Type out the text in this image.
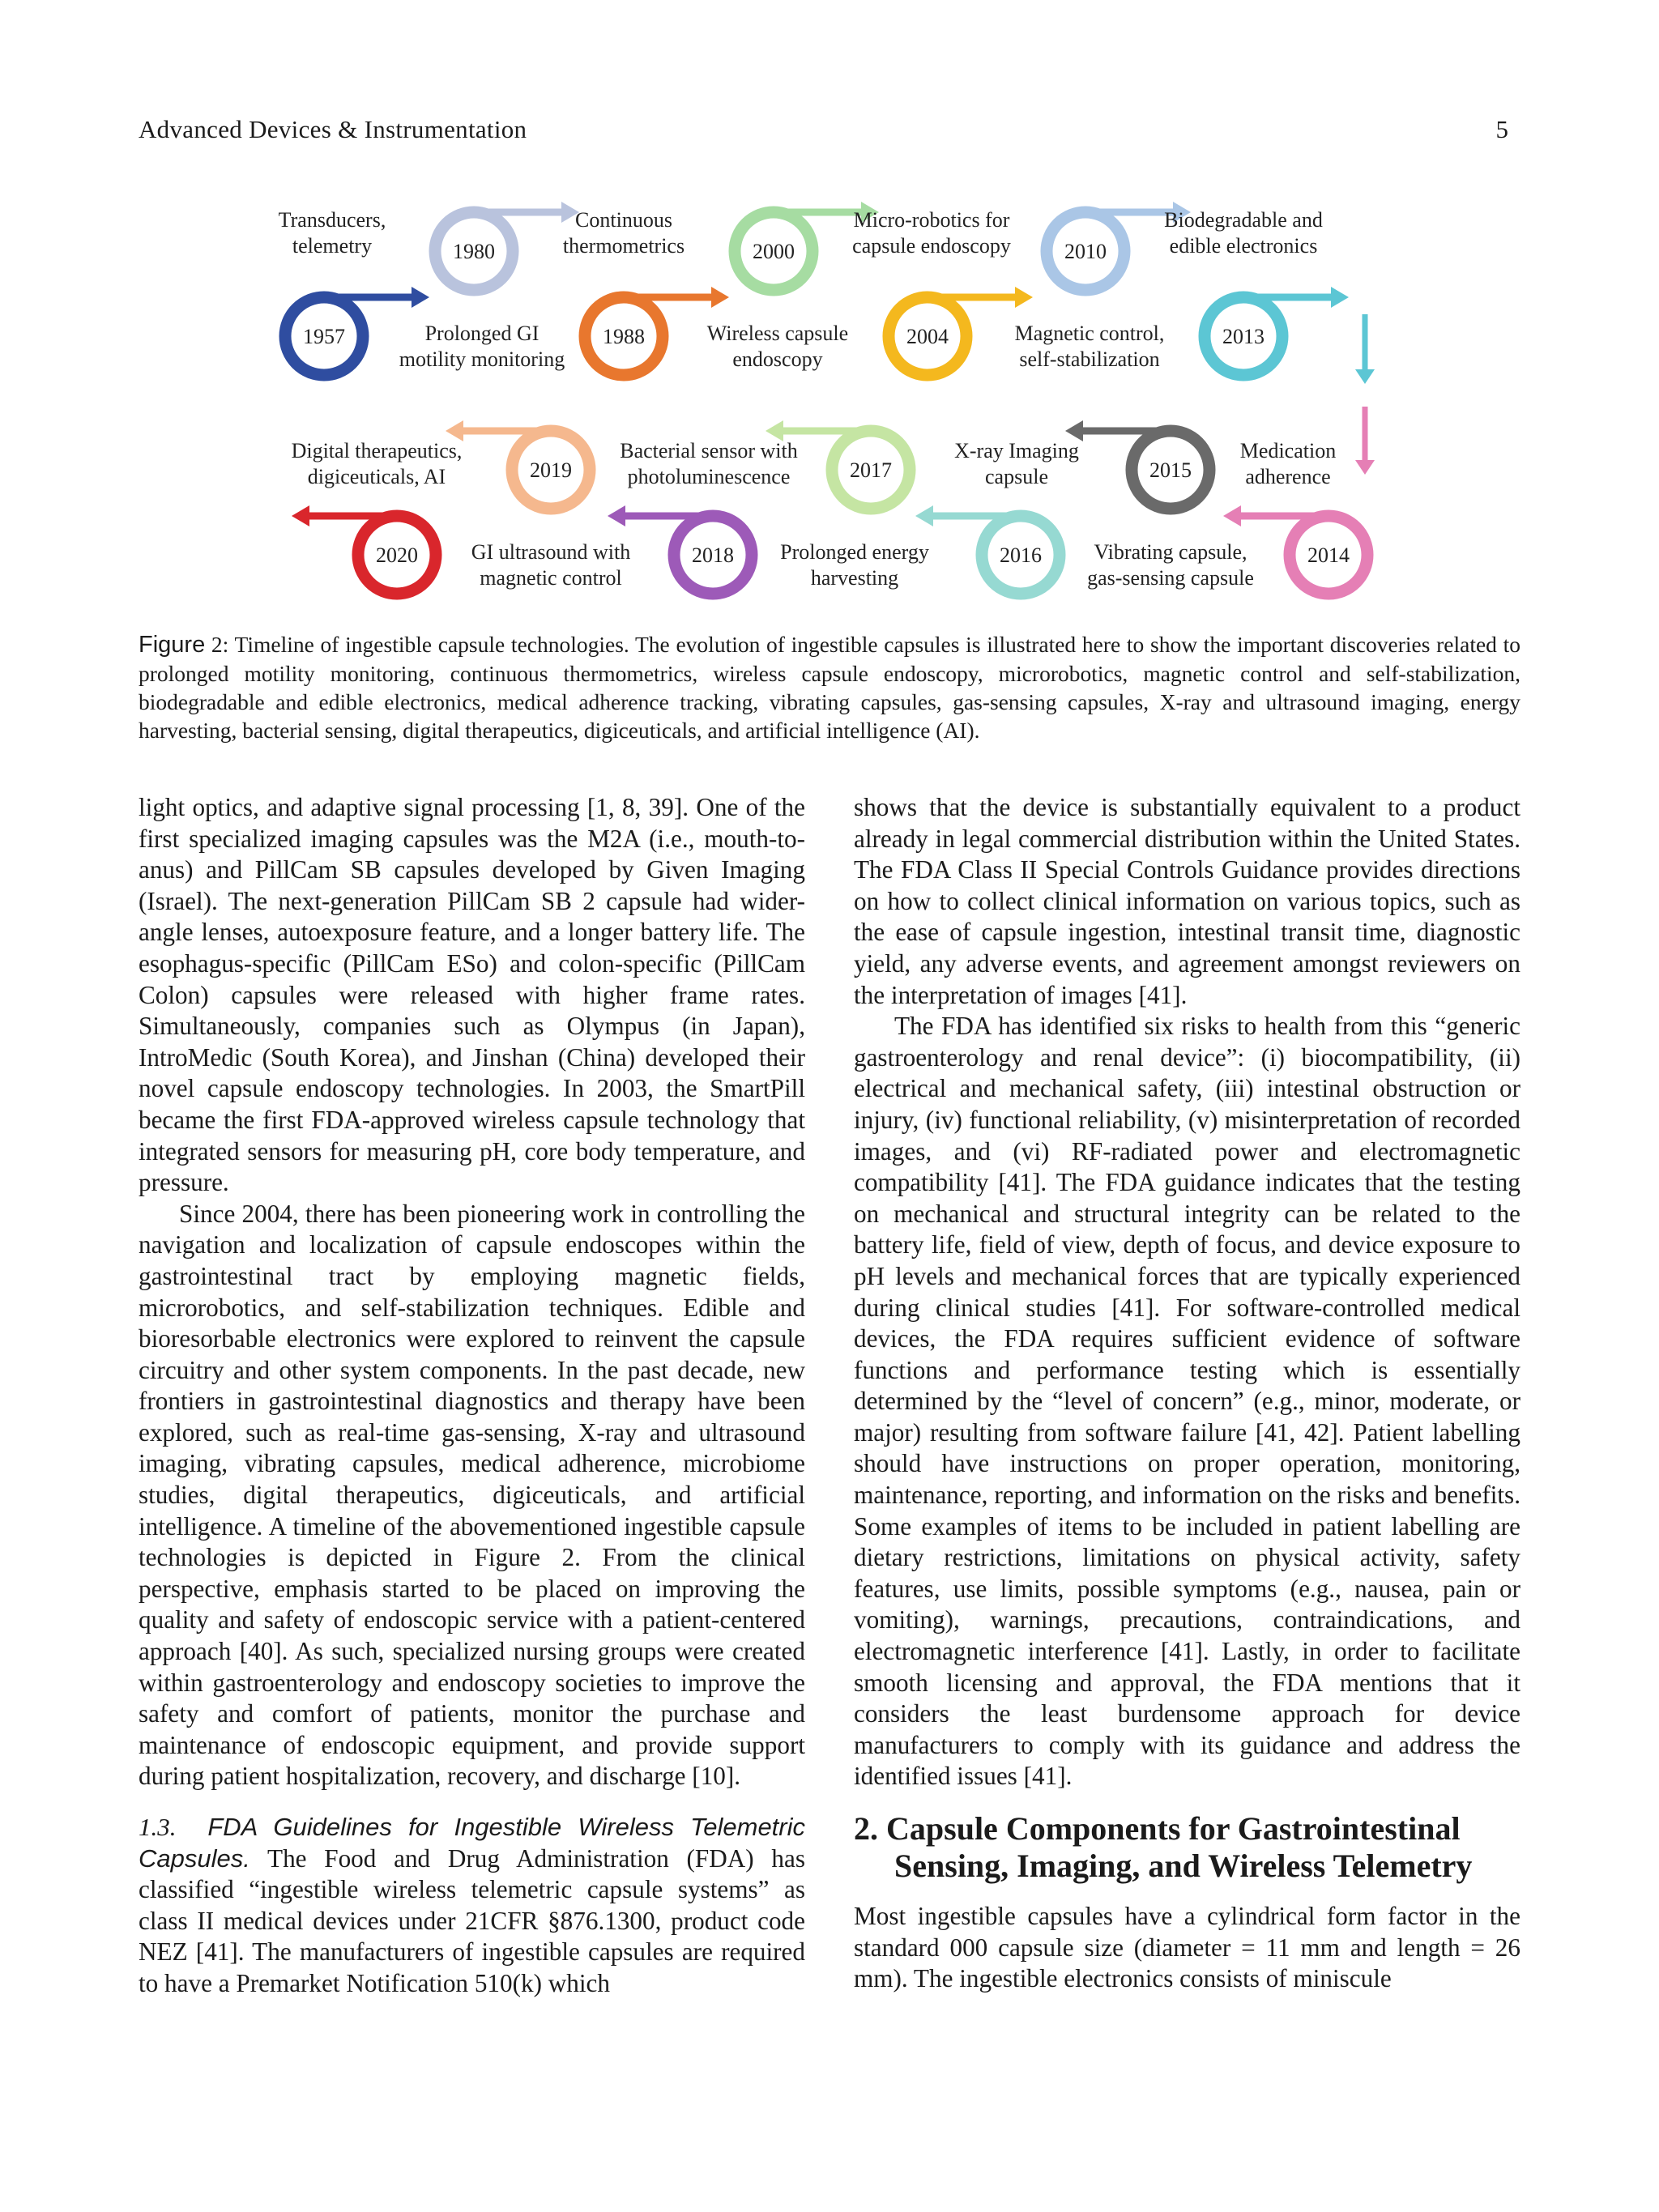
Advanced Devices & Instrumentation	5
1957
Transducers, telemetry	1980
Prolonged GI motility monitoring
1988
Continuous thermometrics	2000
Wireless capsule endoscopy
2004
Micro-robotics for capsule endoscopy	2010
Magnetic control, self-stabilization
2013
Biodegradable and edible electronics
2014
Medication adherence
2015
Vibrating capsule, gas-sensing capsule
2016
X-ray Imaging capsule
2017
Prolonged energy harvesting
2018
Bacterial sensor with photoluminescence
2019
GI ultrasound with magnetic control
2020
Digital therapeutics, digiceuticals, AI
Figure 2: Timeline of ingestible capsule technologies. The evolution of ingestible capsules is illustrated here to show the important discoveries related to prolonged motility monitoring, continuous thermometrics, wireless capsule endoscopy, microrobotics, magnetic control and self-stabilization, biodegradable and edible electronics, medical adherence tracking, vibrating capsules, gas-sensing capsules, X-ray and ultrasound imaging, energy harvesting, bacterial sensing, digital therapeutics, digiceuticals, and artificial intelligence (AI).

light optics, and adaptive signal processing [1, 8, 39]. One of the first specialized imaging capsules was the M2A (i.e., mouth-to-anus) and PillCam SB capsules developed by Given Imaging (Israel). The next-generation PillCam SB 2 capsule had wider-angle lenses, autoexposure feature, and a longer battery life. The esophagus-specific (PillCam ESo) and colon-specific (PillCam Colon) capsules were released with higher frame rates. Simultaneously, companies such as Olympus (in Japan), IntroMedic (South Korea), and Jinshan (China) developed their novel capsule endoscopy technologies. In 2003, the SmartPill became the first FDA-approved wireless capsule technology that integrated sensors for measuring pH, core body temperature, and pressure.

Since 2004, there has been pioneering work in controlling the navigation and localization of capsule endoscopes within the gastrointestinal tract by employing magnetic fields, microrobotics, and self-stabilization techniques. Edible and bioresorbable electronics were explored to reinvent the capsule circuitry and other system components. In the past decade, new frontiers in gastrointestinal diagnostics and therapy have been explored, such as real-time gas-sensing, X-ray and ultrasound imaging, vibrating capsules, medical adherence, microbiome studies, digital therapeutics, digiceuticals, and artificial intelligence. A timeline of the abovementioned ingestible capsule technologies is depicted in Figure 2. From the clinical perspective, emphasis started to be placed on improving the quality and safety of endoscopic service with a patient-centered approach [40]. As such, specialized nursing groups were created within gastroenterology and endoscopy societies to improve the safety and comfort of patients, monitor the purchase and maintenance of endoscopic equipment, and provide support during patient hospitalization, recovery, and discharge [10].

1.3. FDA Guidelines for Ingestible Wireless Telemetric Capsules. The Food and Drug Administration (FDA) has classified “ingestible wireless telemetric capsule systems” as class II medical devices under 21CFR §876.1300, product code NEZ [41]. The manufacturers of ingestible capsules are required to have a Premarket Notification 510(k) which

shows that the device is substantially equivalent to a product already in legal commercial distribution within the United States. The FDA Class II Special Controls Guidance provides directions on how to collect clinical information on various topics, such as the ease of capsule ingestion, intestinal transit time, diagnostic yield, any adverse events, and agreement amongst reviewers on the interpretation of images [41].

The FDA has identified six risks to health from this “generic gastroenterology and renal device”: (i) biocompatibility, (ii) electrical and mechanical safety, (iii) intestinal obstruction or injury, (iv) functional reliability, (v) misinterpretation of recorded images, and (vi) RF-radiated power and electromagnetic compatibility [41]. The FDA guidance indicates that the testing on mechanical and structural integrity can be related to the battery life, field of view, depth of focus, and device exposure to pH levels and mechanical forces that are typically experienced during clinical studies [41]. For software-controlled medical devices, the FDA requires sufficient evidence of software functions and performance testing which is essentially determined by the “level of concern” (e.g., minor, moderate, or major) resulting from software failure [41, 42]. Patient labelling should have instructions on proper operation, monitoring, maintenance, reporting, and information on the risks and benefits. Some examples of items to be included in patient labelling are dietary restrictions, limitations on physical activity, safety features, use limits, possible symptoms (e.g., nausea, pain or vomiting), warnings, precautions, contraindications, and electromagnetic interference [41]. Lastly, in order to facilitate smooth licensing and approval, the FDA mentions that it considers the least burdensome approach for device manufacturers to comply with its guidance and address the identified issues [41].

2. Capsule Components for Gastrointestinal Sensing, Imaging, and Wireless Telemetry

Most ingestible capsules have a cylindrical form factor in the standard 000 capsule size (diameter = 11 mm and length = 26 mm). The ingestible electronics consists of miniscule
